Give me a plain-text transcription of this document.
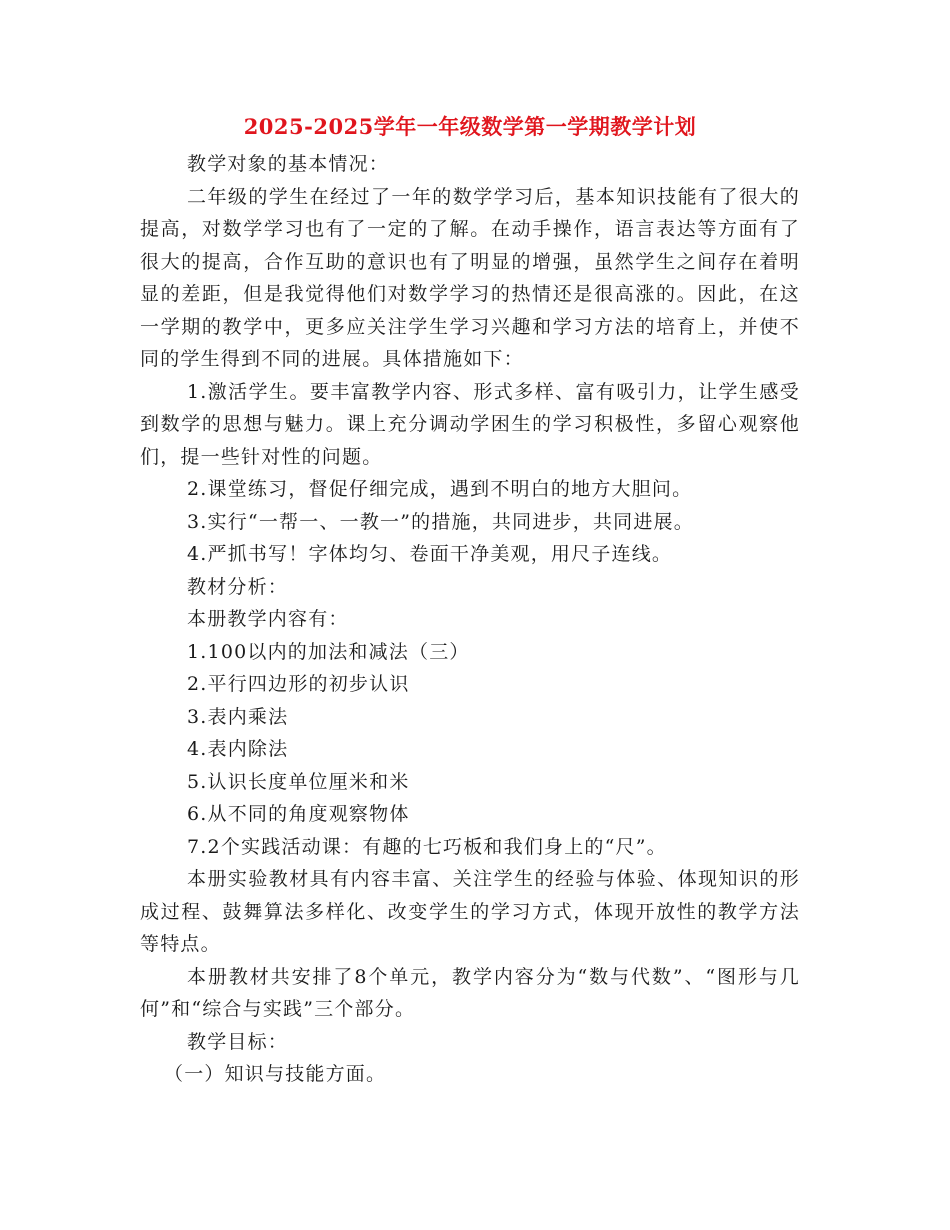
2025-2025学年一年级数学第一学期教学计划

教学对象的基本情况：

二年级的学生在经过了一年的数学学习后，基本知识技能有了很大的提高，对数学学习也有了一定的了解。在动手操作，语言表达等方面有了很大的提高，合作互助的意识也有了明显的增强，虽然学生之间存在着明显的差距，但是我觉得他们对数学学习的热情还是很高涨的。因此，在这一学期的教学中，更多应关注学生学习兴趣和学习方法的培育上，并使不同的学生得到不同的进展。具体措施如下：

1.激活学生。要丰富教学内容、形式多样、富有吸引力，让学生感受到数学的思想与魅力。课上充分调动学困生的学习积极性，多留心观察他们，提一些针对性的问题。

2.课堂练习，督促仔细完成，遇到不明白的地方大胆问。

3.实行“一帮一、一教一”的措施，共同进步，共同进展。

4.严抓书写！字体均匀、卷面干净美观，用尺子连线。

教材分析：

本册教学内容有：

1.100以内的加法和减法（三）

2.平行四边形的初步认识

3.表内乘法

4.表内除法

5.认识长度单位厘米和米

6.从不同的角度观察物体

7.2个实践活动课：有趣的七巧板和我们身上的“尺”。

本册实验教材具有内容丰富、关注学生的经验与体验、体现知识的形成过程、鼓舞算法多样化、改变学生的学习方式，体现开放性的教学方法等特点。

本册教材共安排了8个单元，教学内容分为“数与代数”、“图形与几何”和“综合与实践”三个部分。

教学目标：

（一）知识与技能方面。
